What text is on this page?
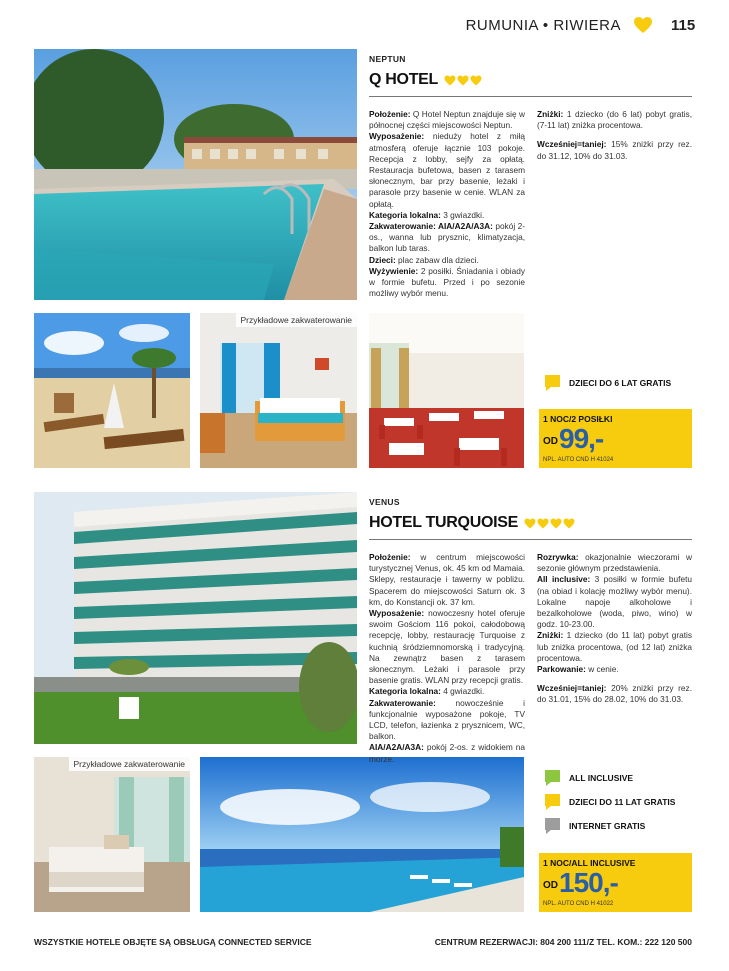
RUMUNIA • RIWIERA	115
Przykładowe zakwaterowanie
NEPTUN
Q HOTEL

Położenie: Q Hotel Neptun znajduje się w północnej części miejscowości Neptun.

Wyposażenie: nieduży hotel z miłą atmosferą oferuje łącznie 103 pokoje. Recepcja z lobby, sejfy za opłatą. Restauracja bufetowa, basen z tarasem słonecznym, bar przy basenie, leżaki i parasole przy basenie w cenie. WLAN za opłatą.

Kategoria lokalna: 3 gwiazdki.

Zakwaterowanie: AIA/A2A/A3A: pokój 2-os., wanna lub prysznic, klimatyzacja, balkon lub taras.

Dzieci: plac zabaw dla dzieci.

Wyżywienie: 2 posiłki. Śniadania i obiady w formie bufetu. Przed i po sezonie możliwy wybór menu.

Zniżki: 1 dziecko (do 6 lat) pobyt gratis, (7-11 lat) zniżka procentowa.

Wcześniej=taniej: 15% zniżki przy rez. do 31.12, 10% do 31.03.

DZIECI DO 6 LAT GRATIS
1 NOC/2 POSIŁKI
OD 99,-
NPL. AUTO CND H 41024
Przykładowe zakwaterowanie
VENUS
HOTEL TURQUOISE

Położenie: w centrum miejscowości turystycznej Venus, ok. 45 km od Mamaia. Sklepy, restauracje i tawerny w pobliżu. Spacerem do miejscowości Saturn ok. 3 km, do Konstancji ok. 37 km.

Wyposażenie: nowoczesny hotel oferuje swoim Gościom 116 pokoi, całodobową recepcję, lobby, restaurację Turquoise z kuchnią śródziemnomorską i tradycyjną. Na zewnątrz basen z tarasem słonecznym. Leżaki i parasole przy basenie gratis. WLAN przy recepcji gratis.

Kategoria lokalna: 4 gwiazdki.

Zakwaterowanie: nowocześnie i funkcjonalnie wyposażone pokoje, TV LCD, telefon, łazienka z prysznicem, WC, balkon.

AIA/A2A/A3A: pokój 2-os. z widokiem na morze.

Rozrywka: okazjonalnie wieczorami w sezonie głównym przedstawienia.

All inclusive: 3 posiłki w formie bufetu (na obiad i kolację możliwy wybór menu). Lokalne napoje alkoholowe i bezalkoholowe (woda, piwo, wino) w godz. 10-23.00.

Zniżki: 1 dziecko (do 11 lat) pobyt gratis lub zniżka procentowa, (od 12 lat) zniżka procentowa.

Parkowanie: w cenie.

Wcześniej=taniej: 20% zniżki przy rez. do 31.01, 15% do 28.02, 10% do 31.03.

ALL INCLUSIVE
DZIECI DO 11 LAT GRATIS
INTERNET GRATIS
1 NOC/ALL INCLUSIVE
OD 150,-
NPL. AUTO CND H 41022
WSZYSTKIE HOTELE OBJĘTE SĄ OBSŁUGĄ CONNECTED SERVICE	CENTRUM REZERWACJI: 804 200 111/Z TEL. KOM.: 222 120 500
